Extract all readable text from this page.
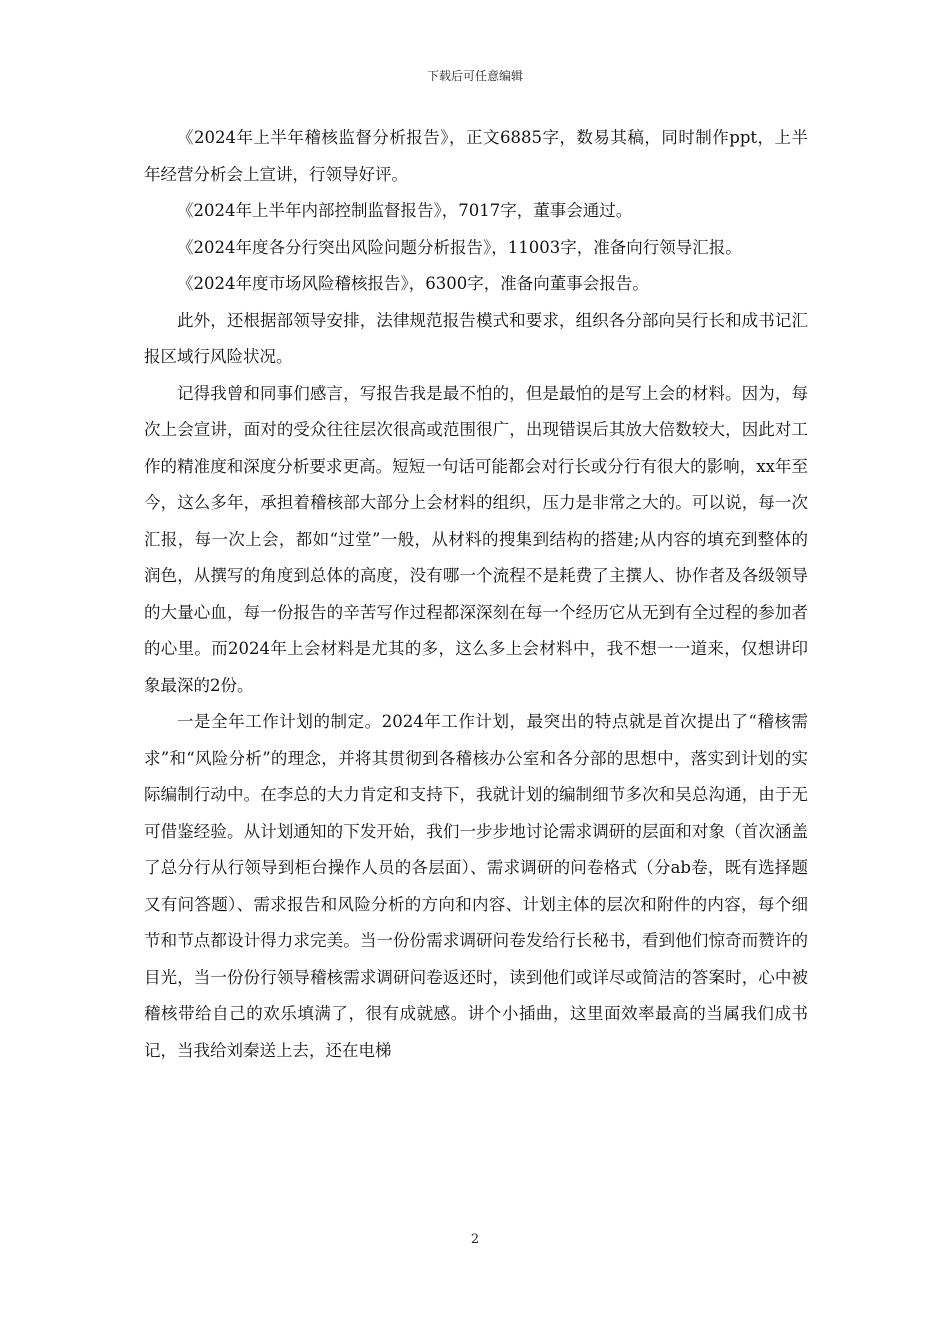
下载后可任意编辑

《2024年上半年稽核监督分析报告》，正文6885字，数易其稿，同时制作ppt，上半年经营分析会上宣讲，行领导好评。

《2024年上半年内部控制监督报告》，7017字，董事会通过。

《2024年度各分行突出风险问题分析报告》，11003字，准备向行领导汇报。

《2024年度市场风险稽核报告》，6300字，准备向董事会报告。

此外，还根据部领导安排，法律规范报告模式和要求，组织各分部向吴行长和成书记汇报区域行风险状况。

记得我曾和同事们感言，写报告我是最不怕的，但是最怕的是写上会的材料。因为，每次上会宣讲，面对的受众往往层次很高或范围很广，出现错误后其放大倍数较大，因此对工作的精准度和深度分析要求更高。短短一句话可能都会对行长或分行有很大的影响，xx年至今，这么多年，承担着稽核部大部分上会材料的组织，压力是非常之大的。可以说，每一次汇报，每一次上会，都如“过堂”一般，从材料的搜集到结构的搭建;从内容的填充到整体的润色，从撰写的角度到总体的高度，没有哪一个流程不是耗费了主撰人、协作者及各级领导的大量心血，每一份报告的辛苦写作过程都深深刻在每一个经历它从无到有全过程的参加者的心里。而2024年上会材料是尤其的多，这么多上会材料中，我不想一一道来，仅想讲印象最深的2份。

一是全年工作计划的制定。2024年工作计划，最突出的特点就是首次提出了“稽核需求”和“风险分析”的理念，并将其贯彻到各稽核办公室和各分部的思想中，落实到计划的实际编制行动中。在李总的大力肯定和支持下，我就计划的编制细节多次和吴总沟通，由于无可借鉴经验。从计划通知的下发开始，我们一步步地讨论需求调研的层面和对象（首次涵盖了总分行从行领导到柜台操作人员的各层面）、需求调研的问卷格式（分ab卷，既有选择题又有问答题）、需求报告和风险分析的方向和内容、计划主体的层次和附件的内容，每个细节和节点都设计得力求完美。当一份份需求调研问卷发给行长秘书，看到他们惊奇而赞许的目光，当一份份行领导稽核需求调研问卷返还时，读到他们或详尽或简洁的答案时，心中被稽核带给自己的欢乐填满了，很有成就感。讲个小插曲，这里面效率最高的当属我们成书记，当我给刘秦送上去，还在电梯

2
